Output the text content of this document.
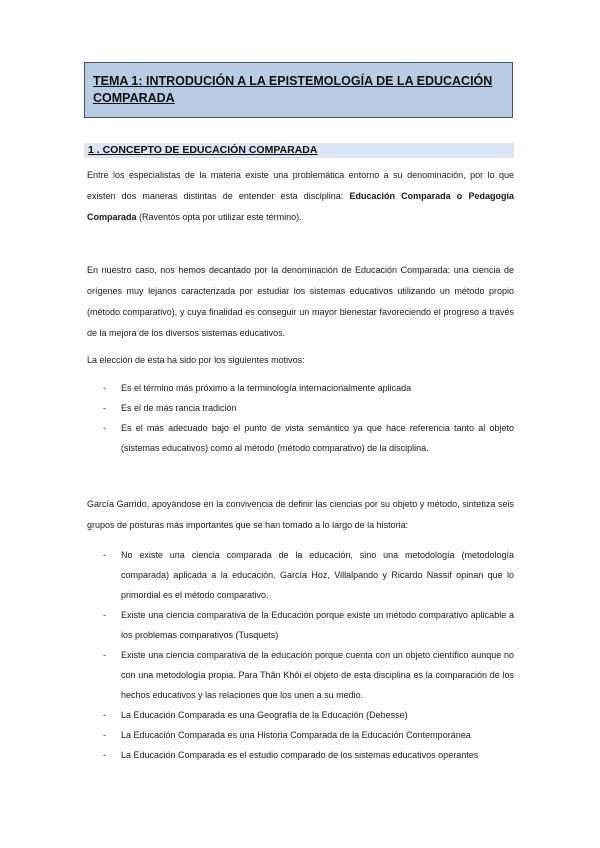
TEMA 1: INTRODUCIÓN A LA EPISTEMOLOGÍA DE LA EDUCACIÓN COMPARADA
1 . CONCEPTO DE EDUCACIÓN COMPARADA

Entre los especialistas de la materia existe una problemática entorno a su denominación, por lo que existen dos maneras distintas de entender esta disciplina: Educación Comparada o Pedagogía Comparada (Raventós opta por utilizar este término).

En nuestro caso, nos hemos decantado por la denominación de Educación Comparada; una ciencia de orígenes muy lejanos caracterizada por estudiar los sistemas educativos utilizando un método propio (método comparativo), y cuya finalidad es conseguir un mayor bienestar favoreciendo el progreso a través de la mejora de los diversos sistemas educativos.

La elección de esta ha sido por los siguientes motivos:

- Es el término más próximo a la terminología internacionalmente aplicada
- Es el de más rancia tradición
- Es el más adecuado bajo el punto de vista semántico ya que hace referencia tanto al objeto (sistemas educativos) como al método (método comparativo) de la disciplina.

García Garrido, apoyándose en la convivencia de definir las ciencias por su objeto y método, sintetiza seis grupos de posturas más importantes que se han tomado a lo largo de la historia:

- No existe una ciencia comparada de la educación, sino una metodología (metodología comparada) aplicada a la educación. García Hoz, Villalpando y Ricardo Nassif opinan que lo primordial es el método comparativo.
- Existe una ciencia comparativa de la Educación porque existe un método comparativo aplicable a los problemas comparativos (Tusquets)
- Existe una ciencia comparativa de la educación porque cuenta con un objeto científico aunque no con una metodología propia. Para Thân Khôi el objeto de esta disciplina es la comparación de los hechos educativos y las relaciones que los unen a su medio.
- La Educación Comparada es una Geografía de la Educación (Debesse)
- La Educación Comparada es una Historia Comparada de la Educación Contemporánea
- La Educación Comparada es el estudio comparado de los sistemas educativos operantes
